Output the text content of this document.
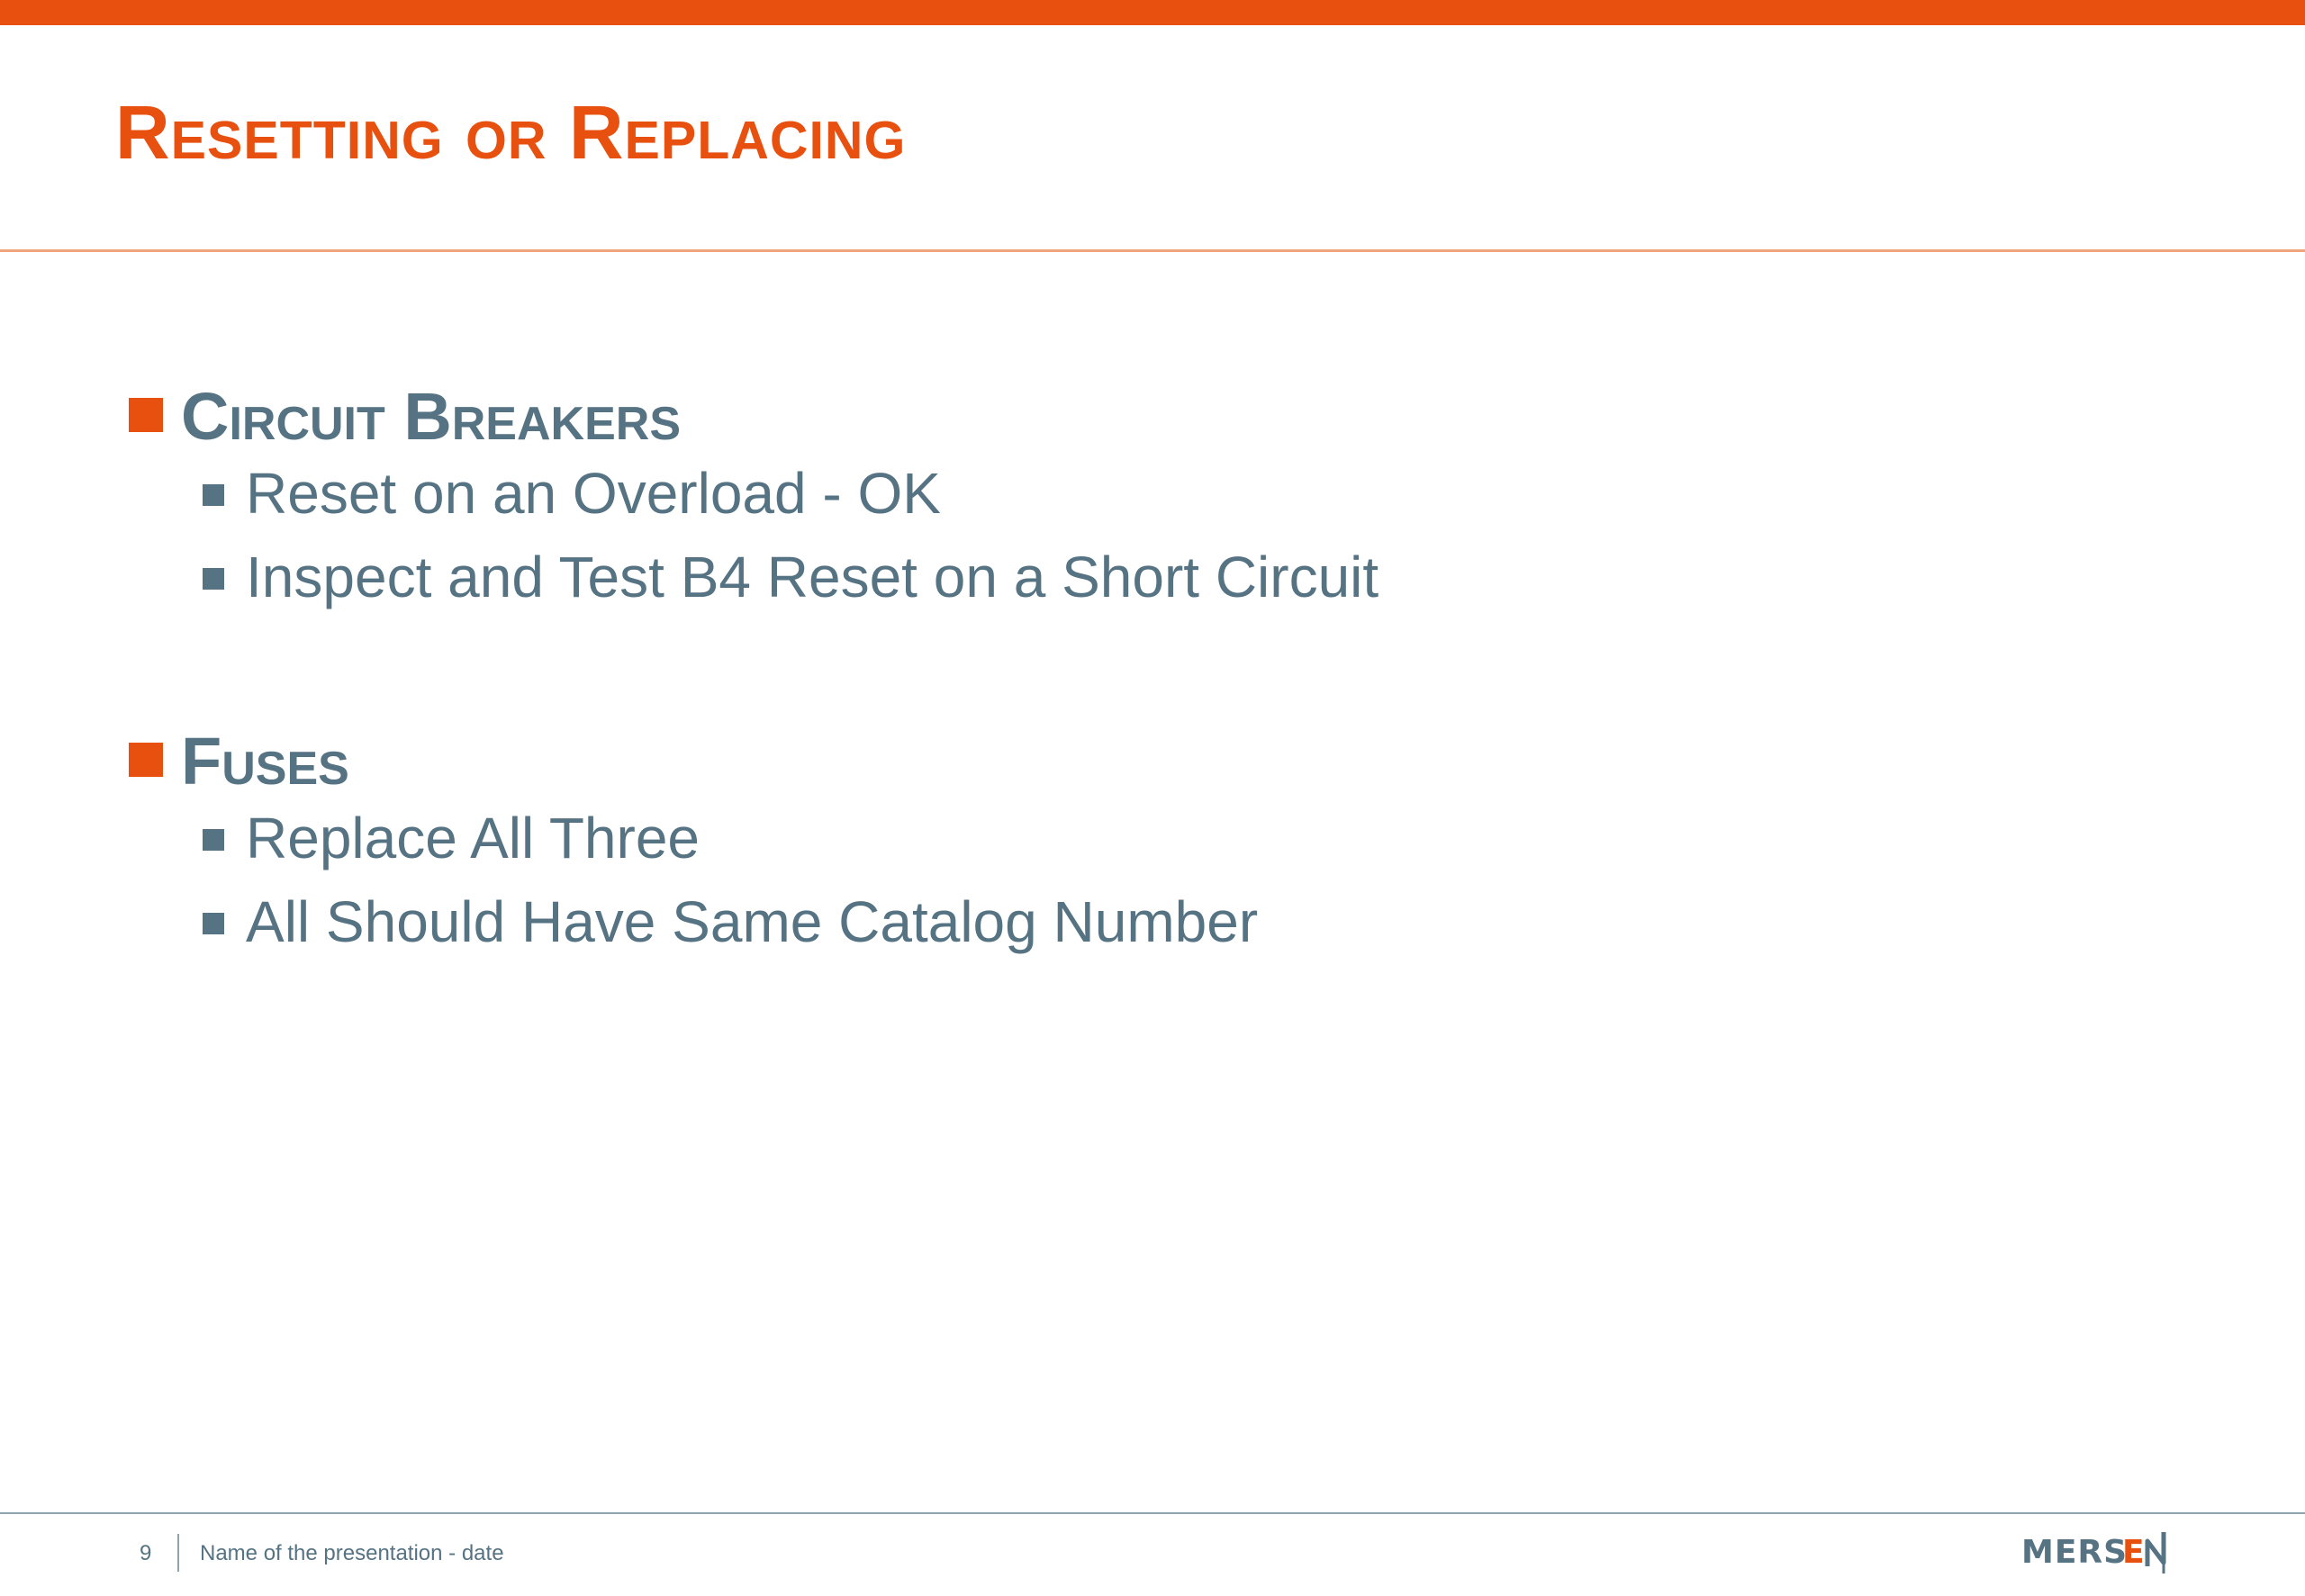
Resetting or Replacing
Circuit Breakers
Reset on an Overload - OK
Inspect and Test B4 Reset on a Short Circuit
Fuses
Replace All Three
All Should Have Same Catalog Number
9 Name of the presentation - date	MERS
E
